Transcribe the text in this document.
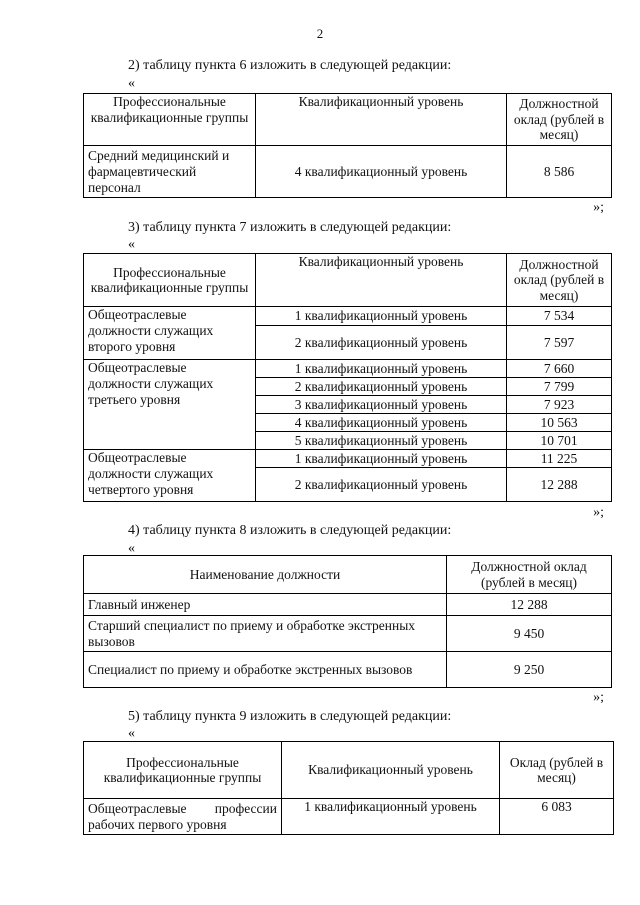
2
2) таблицу пункта 6 изложить в следующей редакции:
«
Профессиональные квалификационные группы	Квалификационный уровень	Должностной оклад (рублей в месяц)
Средний медицинский и фармацевтический персонал	4 квалификационный уровень	8 586
»;
3) таблицу пункта 7 изложить в следующей редакции:
«
Профессиональные квалификационные группы	Квалификационный уровень	Должностной оклад (рублей в месяц)
Общеотраслевые должности служащих второго уровня	1 квалификационный уровень	7 534
	2 квалификационный уровень	7 597
Общеотраслевые должности служащих третьего уровня	1 квалификационный уровень	7 660
	2 квалификационный уровень	7 799
	3 квалификационный уровень	7 923
	4 квалификационный уровень	10 563
	5 квалификационный уровень	10 701
Общеотраслевые должности служащих четвертого уровня	1 квалификационный уровень	11 225
	2 квалификационный уровень	12 288
»;
4) таблицу пункта 8 изложить в следующей редакции:
«
Наименование должности	Должностной оклад (рублей в месяц)
Главный инженер	12 288
Старший специалист по приему и обработке экстренных вызовов	9 450
Специалист по приему и обработке экстренных вызовов	9 250
»;
5) таблицу пункта 9 изложить в следующей редакции:
«
Профессиональные квалификационные группы	Квалификационный уровень	Оклад (рублей в месяц)
Общеотраслевые профессии рабочих первого уровня	1 квалификационный уровень	6 083
